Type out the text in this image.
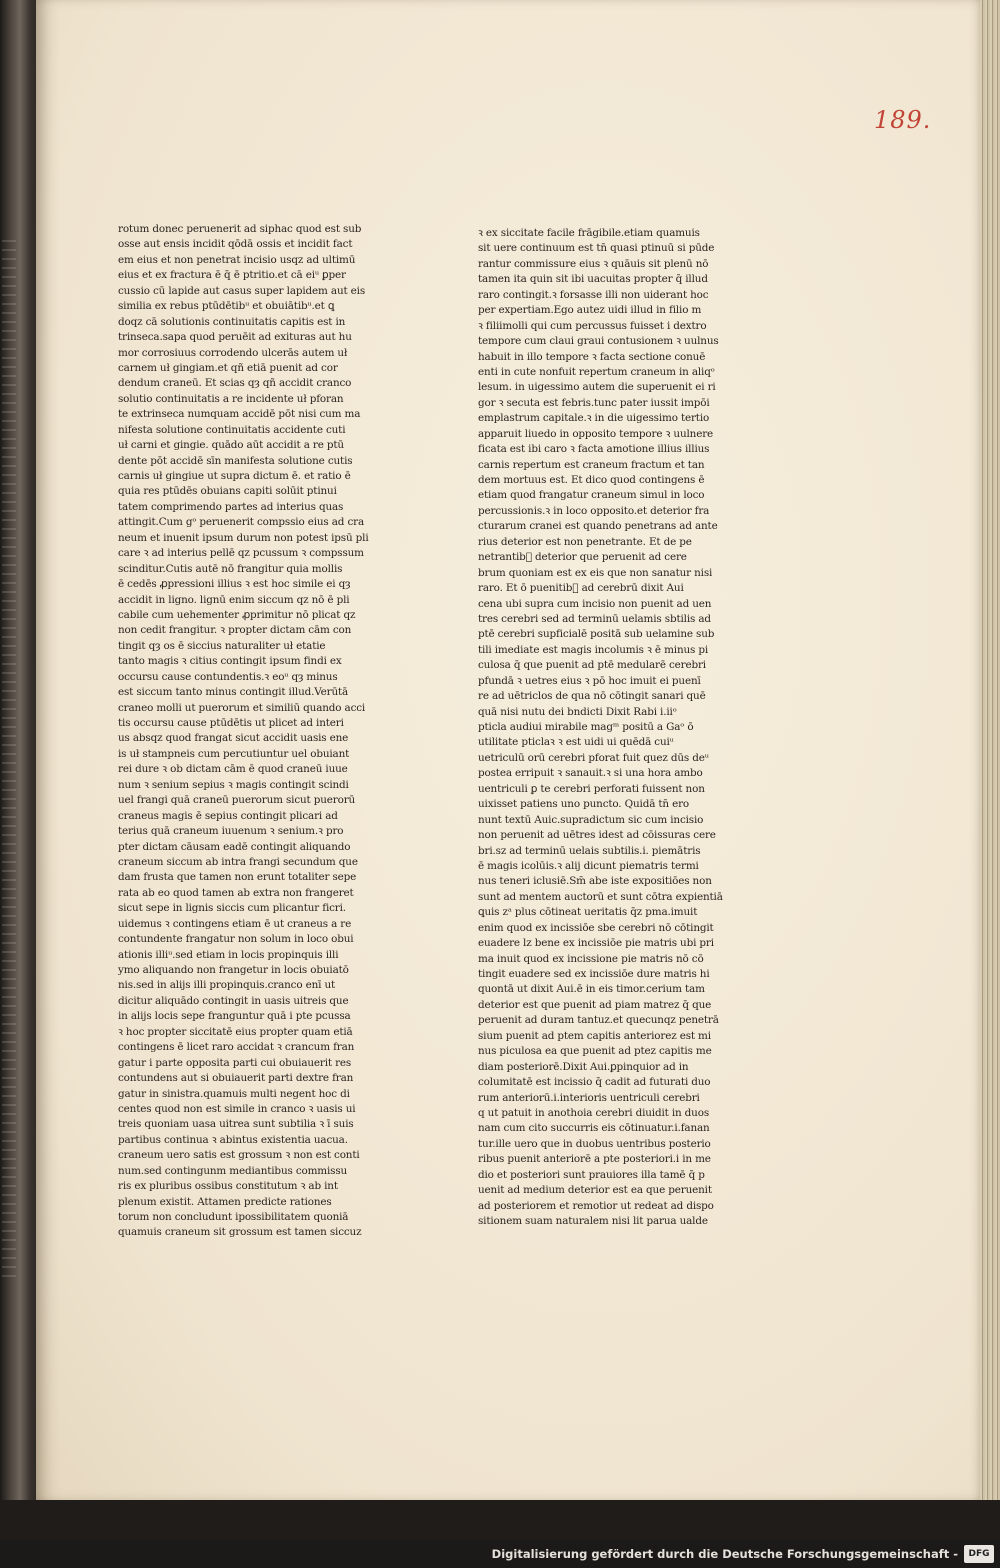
189.
rotum donec peruenerit ad siphac quod est sub
osse aut ensis incidit qōdā ossis et incidit fact
em eius et non penetrat incisio usqz ad ultimū
eius et ex fractura ē q̄ ē ptritio.et cā eiᵘ ꝑper
cussio cū lapide aut casus super lapidem aut eis
similia ex rebus ptūdētibᵘ et obuiātibᵘ.et ꝗ
doqz cā solutionis continuitatis capitis est in
trinseca.sapa quod peruēit ad exituras aut hu
mor corrosiuus corrodendo ulcerās autem uł
carnem uł gingiam.et qñ etiā puenit ad cor
dendum craneū. Et scias qȝ qñ accidit cranco
solutio continuitatis a re incidente uł pforan
te extrinseca numquam accidē pōt nisi cum ma
nifesta solutione continuitatis accidente cuti
uł carni et gingie. quādo aūt accidit a re ptū
dente pōt accidē sīn manifesta solutione cutis
carnis uł gingiue ut supra dictum ē. et ratio ē
quia res ptūdēs obuians capiti solūit ptinui
tatem comprimendo partes ad interius quas
attingit.Cum gᵒ peruenerit compssio eius ad cra
neum et inuenit ipsum durum non potest ipsū pli
care ꝛ ad interius pellē qz pcussum ꝛ compssum
scinditur.Cutis autē nō frangitur quia mollis
ē cedēs ꝓpressioni illius ꝛ est hoc simile ei qȝ
accidit in ligno. lignū enim siccum qz nō ē pli
cabile cum uehementer ꝓprimitur nō plicat qz
non cedit frangitur. ꝛ propter dictam cām con
tingit qȝ os ē siccius naturaliter uł etatie
tanto magis ꝛ citius contingit ipsum findi ex
occursu cause contundentis.ꝛ eoᵘ qȝ minus
est siccum tanto minus contingit illud.Verūtā
craneo molli ut puerorum et similiū quando acci
tis occursu cause ptūdētis ut plicet ad interi
us absqz quod frangat sicut accidit uasis ene
is uł stampneis cum percutiuntur uel obuiant
rei dure ꝛ ob dictam cām ē quod craneū iuue
num ꝛ senium sepius ꝛ magis contingit scindi
uel frangi quā craneū puerorum sicut puerorū
craneus magis ē sepius contingit plicari ad
terius quā craneum iuuenum ꝛ senium.ꝛ pro
pter dictam cāusam eadē contingit aliquando
craneum siccum ab intra frangi secundum que
dam frusta que tamen non erunt totaliter sepe
rata ab eo quod tamen ab extra non frangeret
sicut sepe in lignis siccis cum plicantur ficri.
uidemus ꝛ contingens etiam ē ut craneus a re
contundente frangatur non solum in loco obui
ationis illiᵘ.sed etiam in locis propinquis illi
ymo aliquando non frangetur in locis obuiatō
nis.sed in alijs illi propinquis.cranco enī ut
dicitur aliquādo contingit in uasis uitreis que
in alijs locis sepe franguntur quā i pte pcussa
ꝛ hoc propter siccitatē eius propter quam etiā
contingens ē licet raro accidat ꝛ crancum fran
gatur i parte opposita parti cui obuiauerit res
contundens aut si obuiauerit parti dextre fran
gatur in sinistra.quamuis multi negent hoc di
centes quod non est simile in cranco ꝛ uasis ui
treis quoniam uasa uitrea sunt subtilia ꝛ ī suis
partibus continua ꝛ abintus existentia uacua.
craneum uero satis est grossum ꝛ non est conti
num.sed contingunm mediantibus commissu
ris ex pluribus ossibus constitutum ꝛ ab int
plenum existit. Attamen predicte rationes
torum non concludunt ipossibilitatem quoniā
quamuis craneum sit grossum est tamen siccuz
ꝛ ex siccitate facile frāgibile.etiam quamuis
sit uere continuum est tn̄ quasi ptinuū si pūde
rantur commissure eius ꝛ quāuis sit plenū nō
tamen ita quin sit ibi uacuitas propter q̄ illud
raro contingit.ꝛ forsasse illi non uiderant hoc
per expertiam.Ego autez uidi illud in filio m
ꝛ filiimolli qui cum percussus fuisset i dextro
tempore cum claui graui contusionem ꝛ uulnus
habuit in illo tempore ꝛ facta sectione conuē
enti in cute nonfuit repertum craneum in aliqᵒ
lesum. in uigessimo autem die superuenit ei ri
gor ꝛ secuta est febris.tunc pater iussit impōi
emplastrum capitale.ꝛ in die uigessimo tertio
apparuit liuedo in opposito tempore ꝛ uulnere
ficata est ibi caro ꝛ facta amotione illius illius
carnis repertum est craneum fractum et tan
dem mortuus est. Et dico quod contingens ē
etiam quod frangatur craneum simul in loco
percussionis.ꝛ in loco opposito.et deterior fra
cturarum cranei est quando penetrans ad ante
rius deterior est non penetrante. Et de pe
netrantib᷑ deterior que peruenit ad cere
brum quoniam est ex eis que non sanatur nisi
raro. Et ō puenitib᷑ ad cerebrū dixit Aui
cena ubi supra cum incisio non puenit ad uen
tres cerebri sed ad terminū uelamis sbtilis ad
ptē cerebri supficialē positā sub uelamine sub
tili imediate est magis incolumis ꝛ ē minus pi
culosa q̄ que puenit ad ptē medularē cerebri
pfundā ꝛ uetres eius ꝛ pō hoc imuit ei puenī
re ad uētriclos de qua nō cōtingit sanari quē
quā nisi nutu dei bndicti Dixit Rabi i.iiᵒ
pticla audiui mirabile magᵐ positū a Gaᵒ ō
utilitate pticlaꝛ ꝛ est uidi ui quēdā cuiᵘ
uetriculū orū cerebri pforat fuit quez dūs deᵘ
postea erripuit ꝛ sanauit.ꝛ si una hora ambo
uentriculi ꝑ te cerebri perforati fuissent non
uixisset patiens uno puncto. Quidā tn̄ ero
nunt textū Auic.supradictum sic cum incisio
non peruenit ad uētres idest ad cōissuras cere
bri.sz ad terminū uelais subtilis.i. piemātris
ē magis icolūis.ꝛ alij dicunt piematris termi
nus teneri iclusiē.Sm̄ abe iste expositiōes non
sunt ad mentem auctorū et sunt cōtra expientiā
ꝗuis zᵃ plus cōtineat ueritatis q̄z pma.imuit
enim quod ex incissiōe sbe cerebri nō cōtingit
euadere lz bene ex incissiōe pie matris ubi pri
ma inuit quod ex incissione pie matris nō cō
tingit euadere sed ex incissiōe dure matris hi
quontā ut dixit Aui.ē in eis timor.cerium tam
deterior est que puenit ad piam matrez q̄ que
peruenit ad duram tantuz.et quecunqz penetrā
sium puenit ad ptem capitis anteriorez est mi
nus piculosa ea que puenit ad ptez capitis me
diam posteriorē.Dixit Aui.ꝑpinquior ad in
columitatē est incissio q̄ cadit ad futurati duo
rum anteriorū.i.interioris uentriculi cerebri
q ut patuit in anothoia cerebri diuidit in duos
nam cum cito succurris eis cōtinuatur.i.fanan
tur.ille uero que in duobus uentribus posterio
ribus puenit anteriorē a pte posteriori.i in me
dio et posteriori sunt prauiores illa tamē q̄ p
uenit ad medium deterior est ea que peruenit
ad posteriorem et remotior ut redeat ad dispo
sitionem suam naturalem nisi lit parua ualde
Digitalisierung gefördert durch die Deutsche Forschungsgemeinschaft -	DFG
